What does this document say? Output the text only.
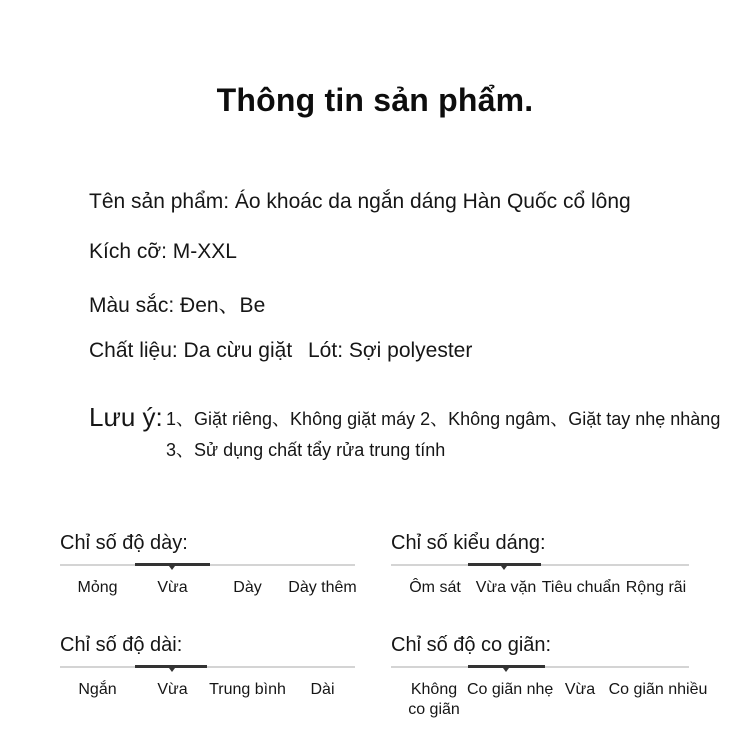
Thông tin sản phẩm.
Tên sản phẩm: Áo khoác da ngắn dáng Hàn Quốc cổ lông
Kích cỡ: M-XXL
Màu sắc: Đen、Be
Chất liệu: Da cừu giặt Lót: Sợi polyester
Lưu ý: 1、Giặt riêng、Không giặt máy 2、Không ngâm、Giặt tay nhẹ nhàng
3、Sử dụng chất tẩy rửa trung tính
Chỉ số độ dày:
Mỏng	Vừa	Dày	Dày thêm
Chỉ số kiểu dáng:
Ôm sát Vừa vặn Tiêu chuẩn Rộng rãi
Chỉ số độ dài:
Ngắn	Vừa	Trung bình	Dài
Chỉ số độ co giãn:
Không co giãn
Co giãn nhẹ Vừa Co giãn nhiều
